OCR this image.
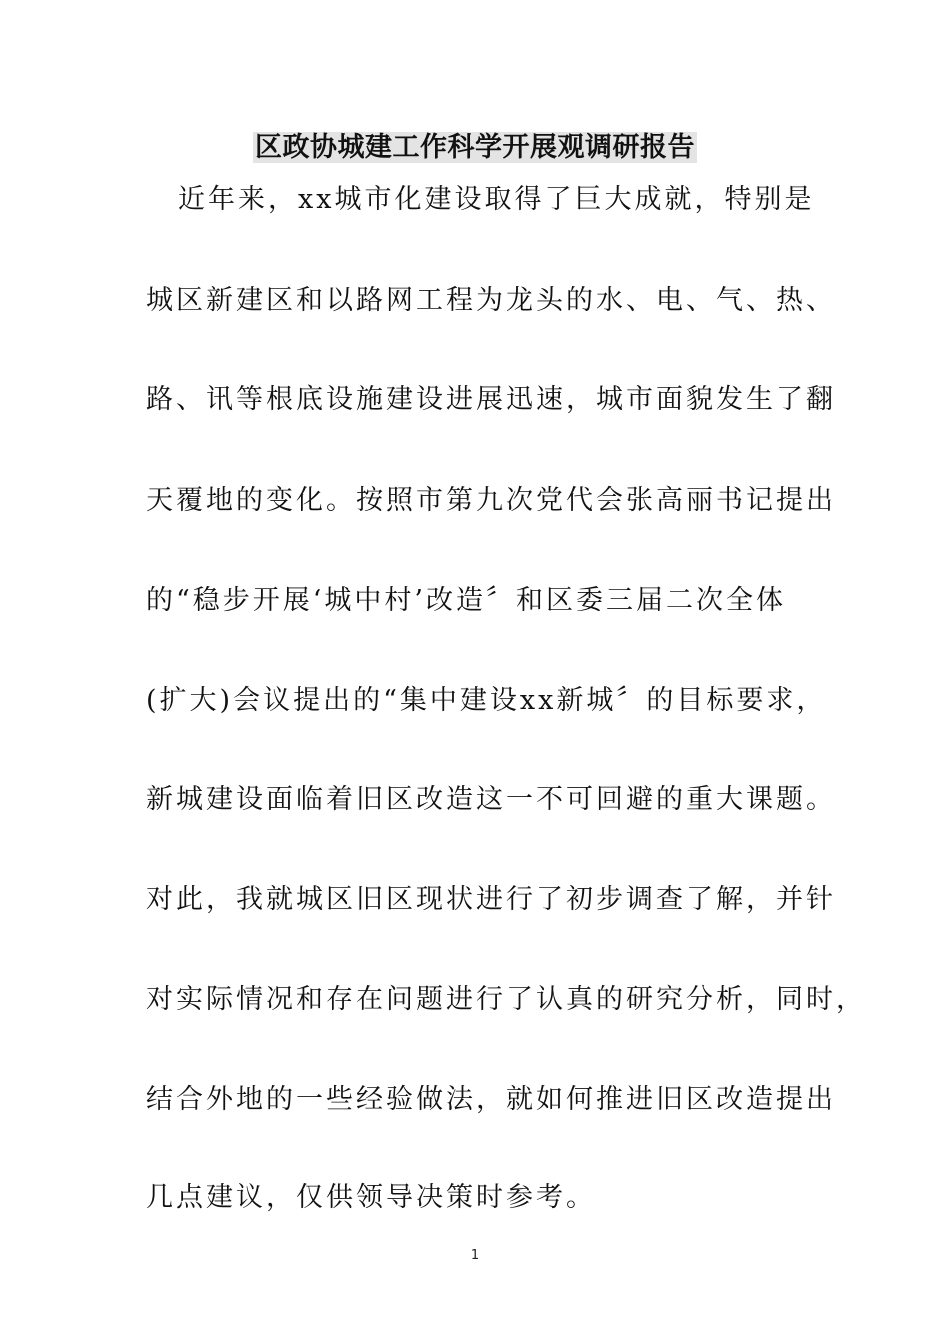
区政协城建工作科学开展观调研报告
近年来，xx城市化建设取得了巨大成就，特别是
城区新建区和以路网工程为龙头的水、电、气、热、
路、讯等根底设施建设进展迅速，城市面貌发生了翻
天覆地的变化。按照市第九次党代会张高丽书记提出
的“稳步开展‘城中村’改造〞和区委三届二次全体
(扩大)会议提出的“集中建设xx新城〞的目标要求，
新城建设面临着旧区改造这一不可回避的重大课题。
对此，我就城区旧区现状进行了初步调查了解，并针
对实际情况和存在问题进行了认真的研究分析，同时，
结合外地的一些经验做法，就如何推进旧区改造提出
几点建议，仅供领导决策时参考。
1
